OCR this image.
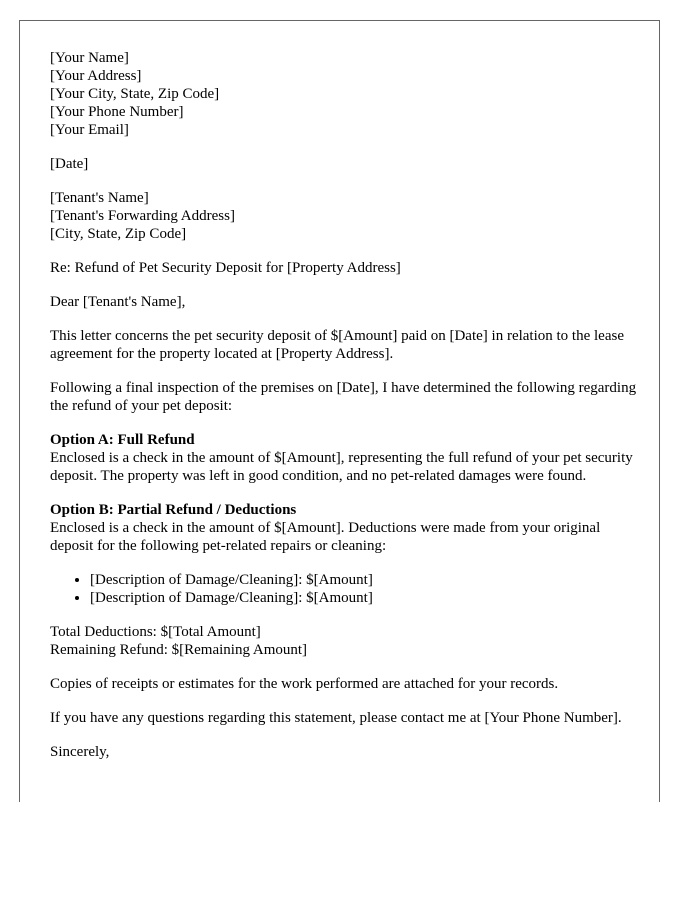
[Your Name]
[Your Address]
[Your City, State, Zip Code]
[Your Phone Number]
[Your Email]
[Date]
[Tenant's Name]
[Tenant's Forwarding Address]
[City, State, Zip Code]
Re: Refund of Pet Security Deposit for [Property Address]
Dear [Tenant's Name],
This letter concerns the pet security deposit of $[Amount] paid on [Date] in relation to the lease agreement for the property located at [Property Address].
Following a final inspection of the premises on [Date], I have determined the following regarding the refund of your pet deposit:
Option A: Full Refund
Enclosed is a check in the amount of $[Amount], representing the full refund of your pet security deposit. The property was left in good condition, and no pet-related damages were found.
Option B: Partial Refund / Deductions
Enclosed is a check in the amount of $[Amount]. Deductions were made from your original deposit for the following pet-related repairs or cleaning:
• [Description of Damage/Cleaning]: $[Amount]
• [Description of Damage/Cleaning]: $[Amount]
Total Deductions: $[Total Amount]
Remaining Refund: $[Remaining Amount]
Copies of receipts or estimates for the work performed are attached for your records.
If you have any questions regarding this statement, please contact me at [Your Phone Number].
Sincerely,
